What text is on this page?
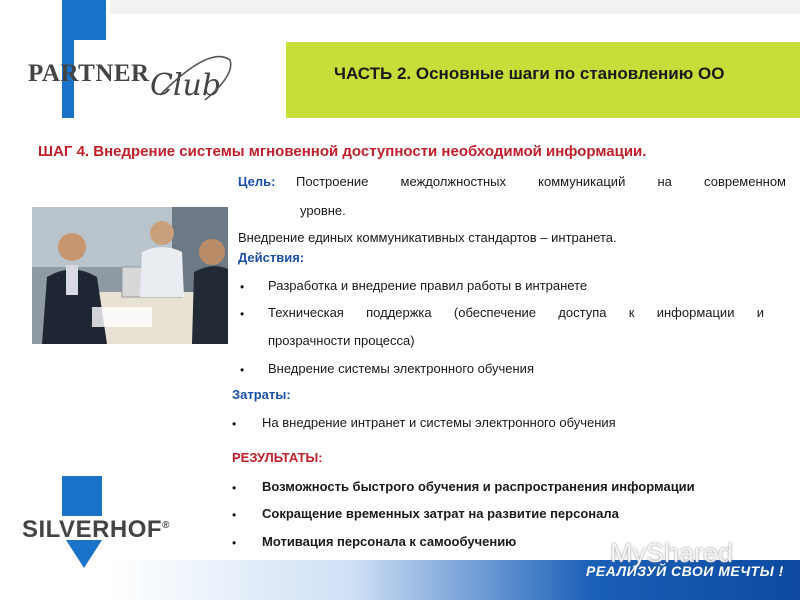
PARTNER Club	ЧАСТЬ 2. Основные шаги по становлению ОО
ШАГ 4. Внедрение системы мгновенной доступности необходимой информации.
Цель: Построение междолжностных коммуникаций на современном
уровне.
Внедрение единых коммуникативных стандартов – интранета.
Действия:
• Разработка и внедрение правил работы в интранете
• Техническая поддержка (обеспечение доступа к информации и
прозрачности процесса)
• Внедрение системы электронного обучения
Затраты:
• На внедрение интранет и системы электронного обучения
РЕЗУЛЬТАТЫ:
• Возможность быстрого обучения и распространения информации
• Сокращение временных затрат на развитие персонала
• Мотивация персонала к самообучению
SILVERHOF®
MyShared
РЕАЛИЗУЙ СВОИ МЕЧТЫ !
